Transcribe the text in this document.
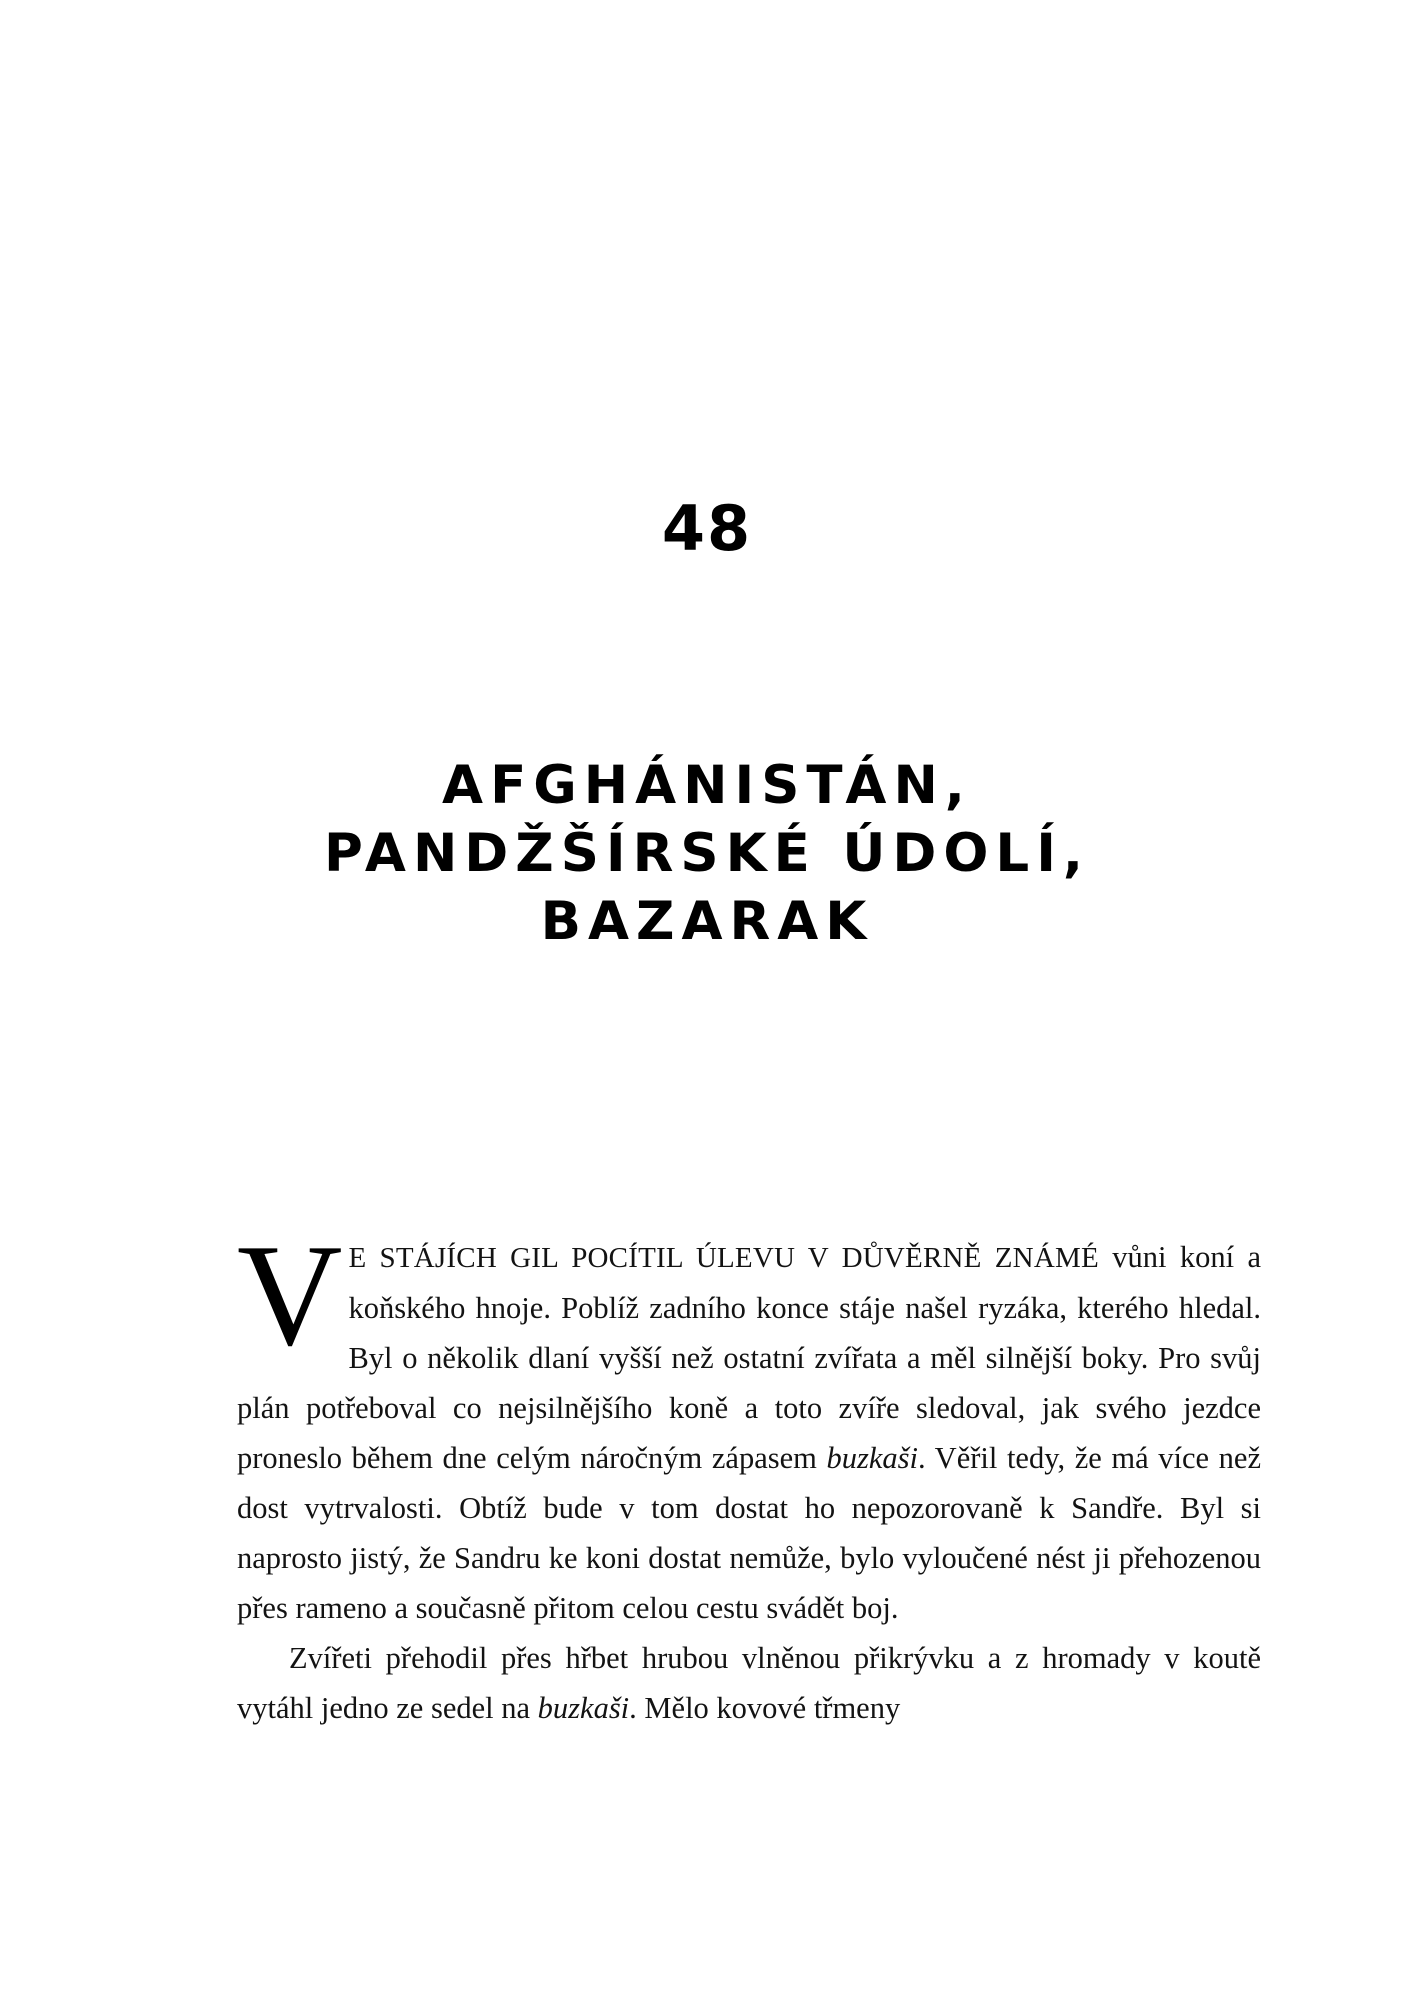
48
AFGHÁNISTÁN,
PANDŽŠÍRSKÉ ÚDOLÍ,
BAZARAK

V E STÁJÍCH GIL POCÍTIL ÚLEVU V DŮVĚRNĚ ZNÁMÉ vůni koní a koňského hnoje. Poblíž zadního konce stáje našel ryzáka, kterého hledal. Byl o několik dlaní vyšší než ostatní zvířata a měl silnější boky. Pro svůj plán potřeboval co nejsilnějšího koně a toto zvíře sledoval, jak svého jezdce proneslo během dne celým náročným zápasem buzkaši. Věřil tedy, že má více než dost vytrvalosti. Obtíž bude v tom dostat ho nepozorovaně k Sandře. Byl si naprosto jistý, že Sandru ke koni dostat nemůže, bylo vyloučené nést ji přehozenou přes rameno a současně přitom celou cestu svádět boj.

Zvířeti přehodil přes hřbet hrubou vlněnou přikrývku a z hromady v koutě vytáhl jedno ze sedel na buzkaši. Mělo kovové třmeny
